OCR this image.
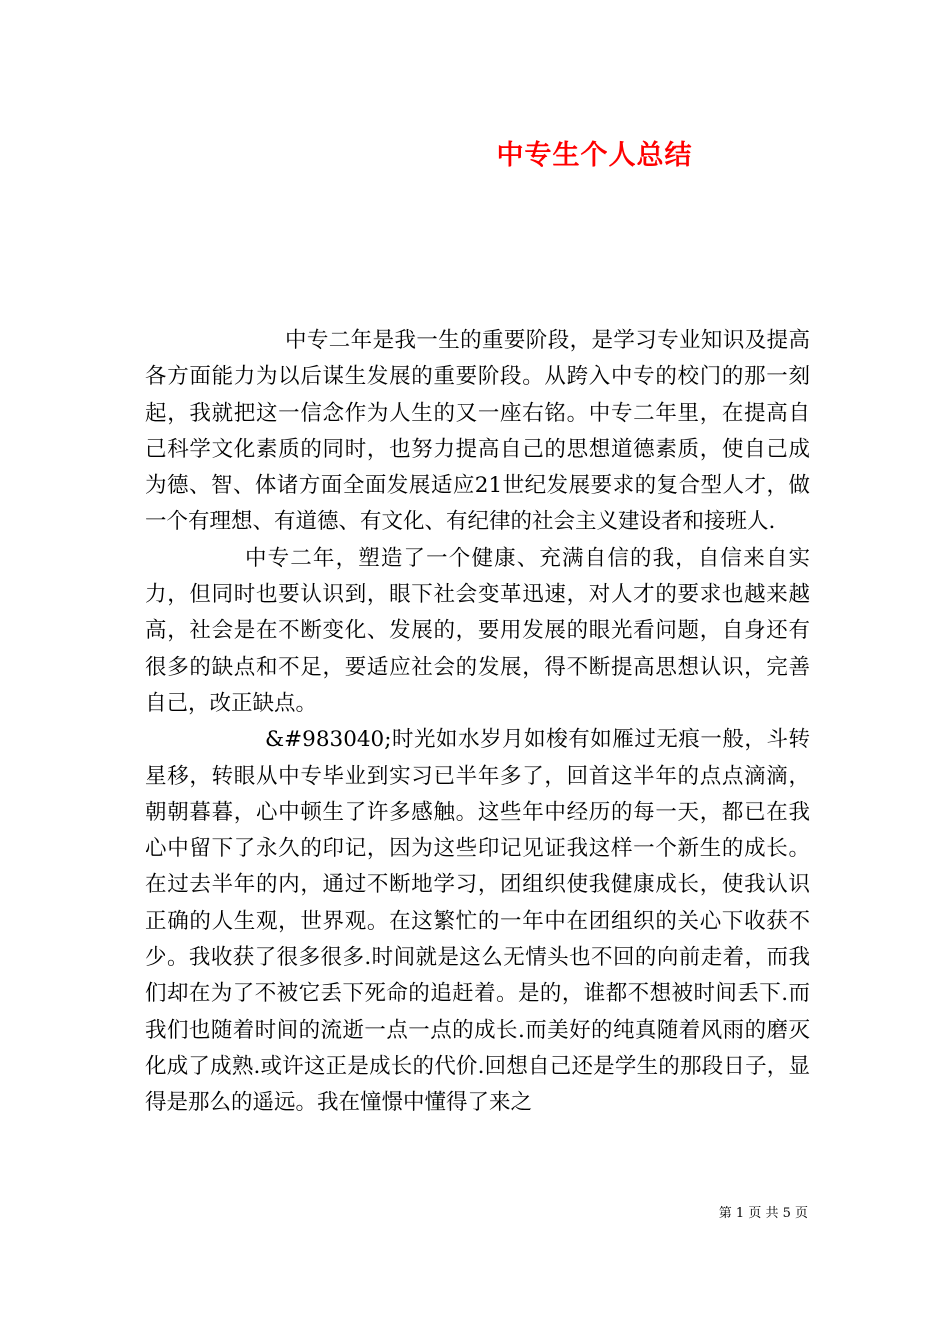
中专生个人总结

中专二年是我一生的重要阶段，是学习专业知识及提高各方面能力为以后谋生发展的重要阶段。从跨入中专的校门的那一刻起，我就把这一信念作为人生的又一座右铭。中专二年里，在提高自己科学文化素质的同时，也努力提高自己的思想道德素质，使自己成为德、智、体诸方面全面发展适应21世纪发展要求的复合型人才，做一个有理想、有道德、有文化、有纪律的社会主义建设者和接班人.

中专二年，塑造了一个健康、充满自信的我，自信来自实力，但同时也要认识到，眼下社会变革迅速，对人才的要求也越来越高，社会是在不断变化、发展的，要用发展的眼光看问题，自身还有很多的缺点和不足，要适应社会的发展，得不断提高思想认识，完善自己，改正缺点。

&#983040;时光如水岁月如梭有如雁过无痕一般，斗转星移，转眼从中专毕业到实习已半年多了，回首这半年的点点滴滴，朝朝暮暮，心中顿生了许多感触。这些年中经历的每一天，都已在我心中留下了永久的印记，因为这些印记见证我这样一个新生的成长。在过去半年的内，通过不断地学习，团组织使我健康成长，使我认识正确的人生观，世界观。在这繁忙的一年中在团组织的关心下收获不少。我收获了很多很多.时间就是这么无情头也不回的向前走着，而我们却在为了不被它丢下死命的追赶着。是的，谁都不想被时间丢下.而我们也随着时间的流逝一点一点的成长.而美好的纯真随着风雨的磨灭化成了成熟.或许这正是成长的代价.回想自己还是学生的那段日子，显得是那么的遥远。我在憧憬中懂得了来之

第 1 页 共 5 页
